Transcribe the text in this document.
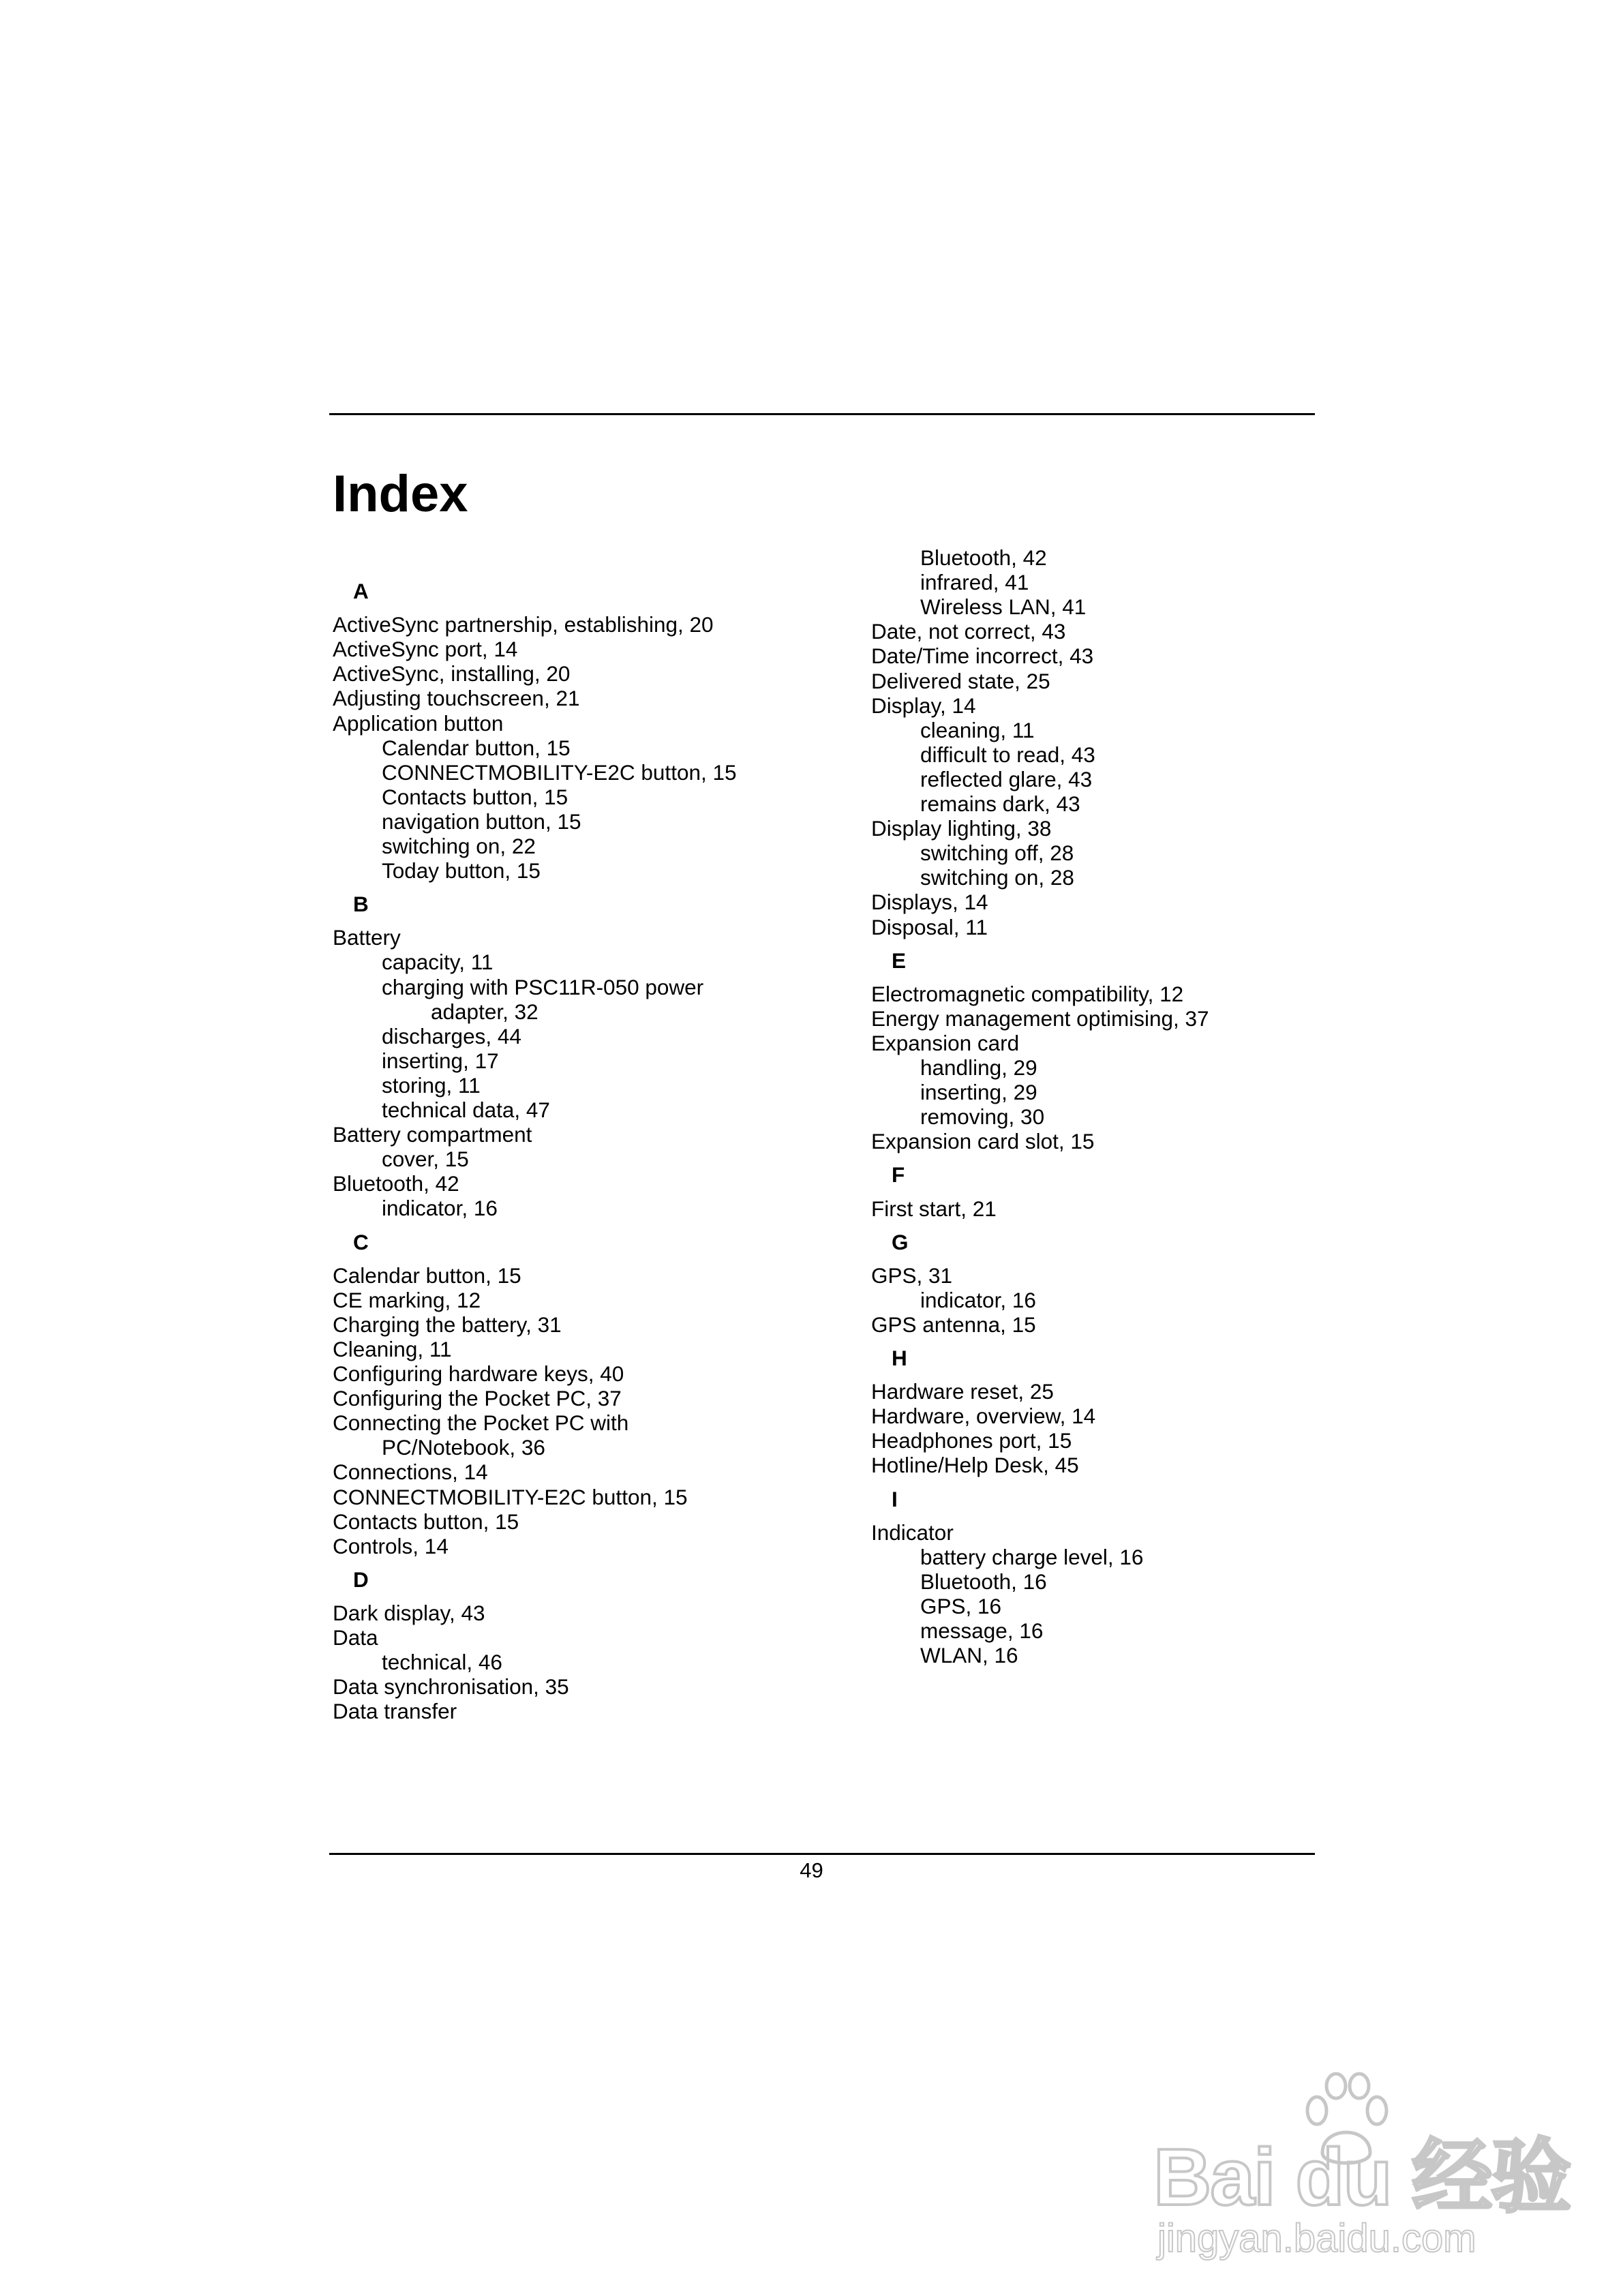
Index
A
ActiveSync partnership, establishing, 20
ActiveSync port, 14
ActiveSync, installing, 20
Adjusting touchscreen, 21
Application button
Calendar button, 15
CONNECTMOBILITY-E2C button, 15
Contacts button, 15
navigation button, 15
switching on, 22
Today button, 15
B
Battery
capacity, 11
charging with PSC11R-050 power
adapter, 32
discharges, 44
inserting, 17
storing, 11
technical data, 47
Battery compartment
cover, 15
Bluetooth, 42
indicator, 16
C
Calendar button, 15
CE marking, 12
Charging the battery, 31
Cleaning, 11
Configuring hardware keys, 40
Configuring the Pocket PC, 37
Connecting the Pocket PC with
PC/Notebook, 36
Connections, 14
CONNECTMOBILITY-E2C button, 15
Contacts button, 15
Controls, 14
D
Dark display, 43
Data
technical, 46
Data synchronisation, 35
Data transfer
Bluetooth, 42
infrared, 41
Wireless LAN, 41
Date, not correct, 43
Date/Time incorrect, 43
Delivered state, 25
Display, 14
cleaning, 11
difficult to read, 43
reflected glare, 43
remains dark, 43
Display lighting, 38
switching off, 28
switching on, 28
Displays, 14
Disposal, 11
E
Electromagnetic compatibility, 12
Energy management optimising, 37
Expansion card
handling, 29
inserting, 29
removing, 30
Expansion card slot, 15
F
First start, 21
G
GPS, 31
indicator, 16
GPS antenna, 15
H
Hardware reset, 25
Hardware, overview, 14
Headphones port, 15
Hotline/Help Desk, 45
I
Indicator
battery charge level, 16
Bluetooth, 16
GPS, 16
message, 16
WLAN, 16
49
Bai du 经验
jingyan.baidu.com
